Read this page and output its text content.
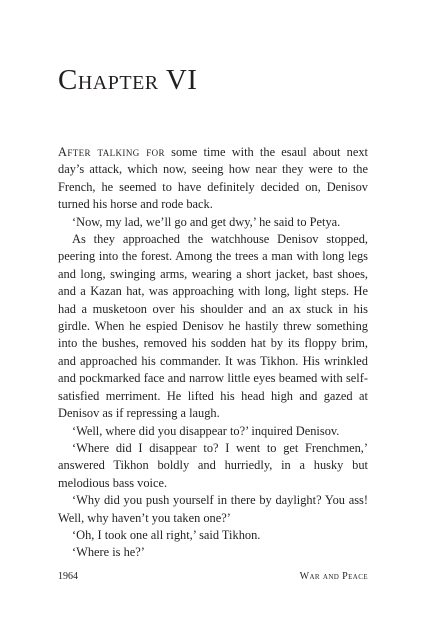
Chapter VI

After talking for some time with the esaul about next day’s attack, which now, seeing how near they were to the French, he seemed to have definitely decided on, Denisov turned his horse and rode back.

‘Now, my lad, we’ll go and get dwy,’ he said to Petya.

As they approached the watchhouse Denisov stopped, peering into the forest. Among the trees a man with long legs and long, swinging arms, wearing a short jacket, bast shoes, and a Kazan hat, was approaching with long, light steps. He had a musketoon over his shoulder and an ax stuck in his girdle. When he espied Denisov he hastily threw something into the bushes, removed his sodden hat by its floppy brim, and approached his commander. It was Tikhon. His wrinkled and pockmarked face and narrow little eyes beamed with self-satisfied merriment. He lifted his head high and gazed at Denisov as if repressing a laugh.

‘Well, where did you disappear to?’ inquired Denisov.

‘Where did I disappear to? I went to get Frenchmen,’ answered Tikhon boldly and hurriedly, in a husky but melodious bass voice.

‘Why did you push yourself in there by daylight? You ass! Well, why haven’t you taken one?’

‘Oh, I took one all right,’ said Tikhon.

‘Where is he?’

1964	War and Peace
